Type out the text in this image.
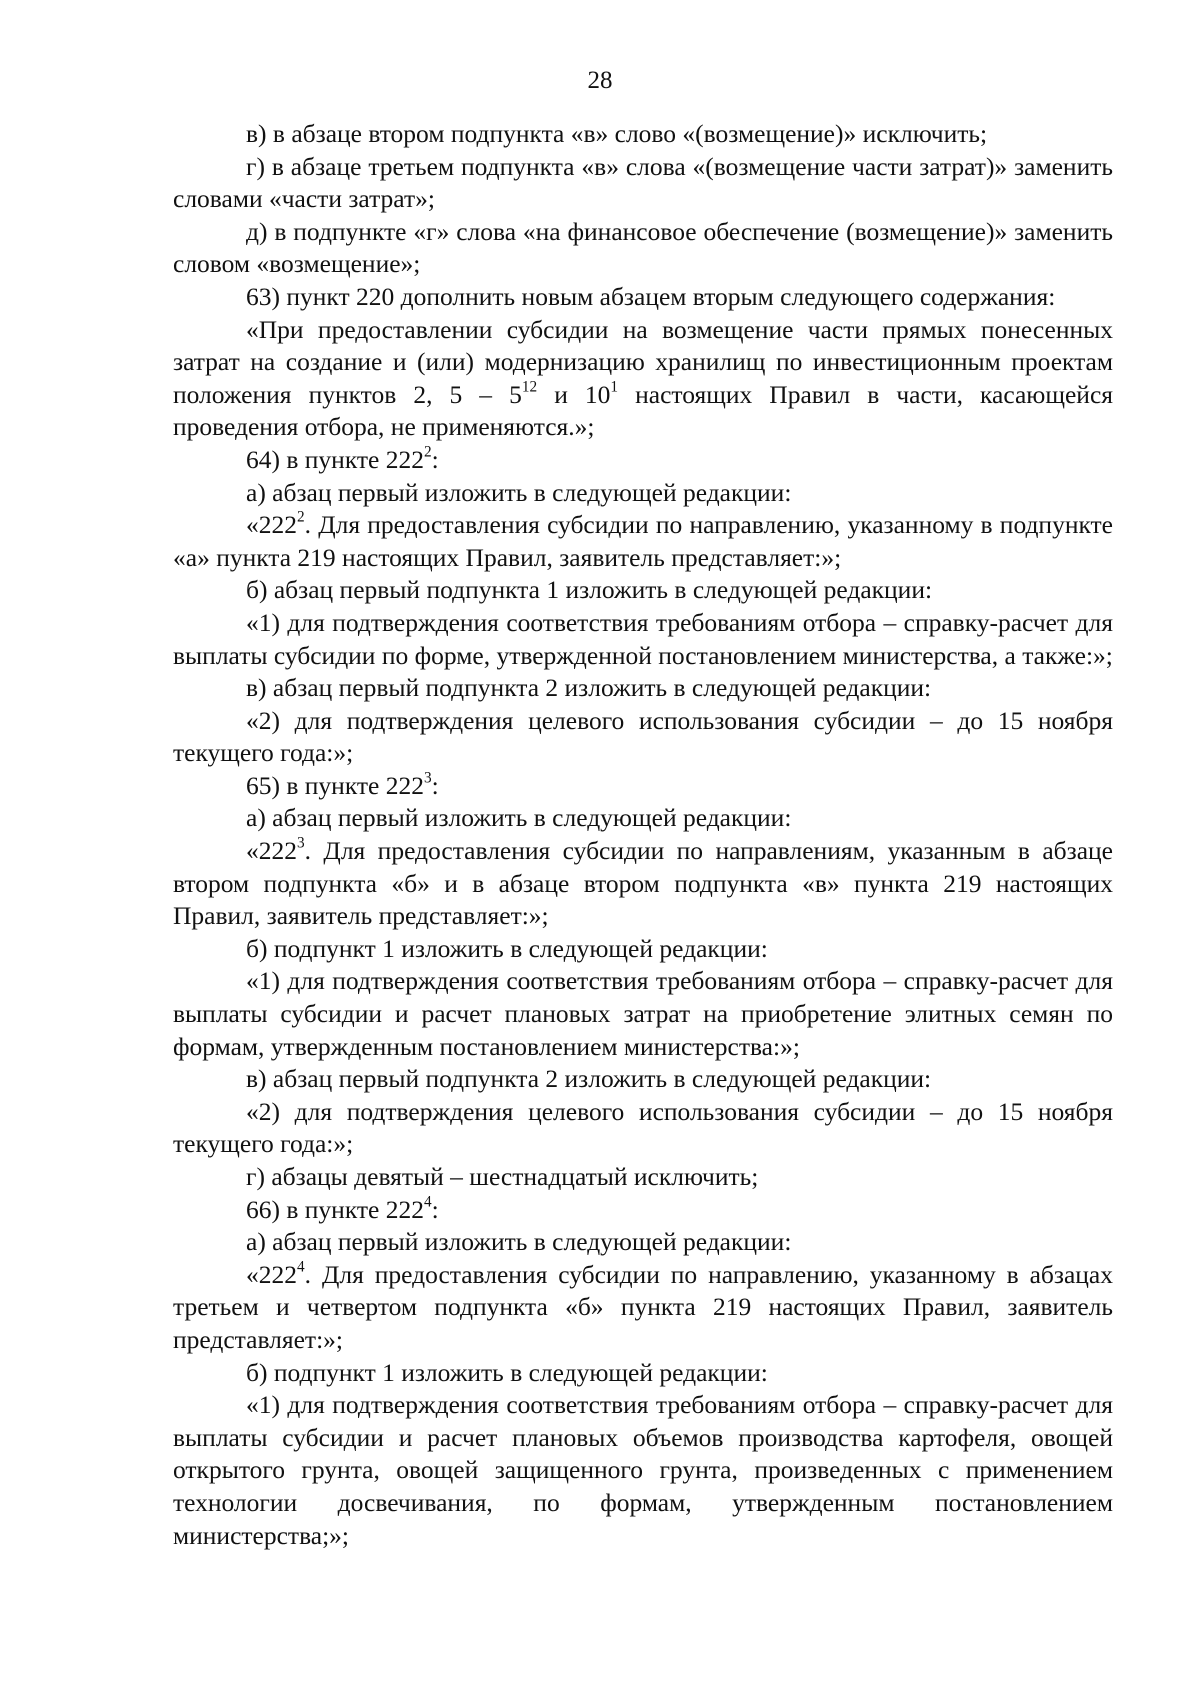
28

в) в абзаце втором подпункта «в» слово «(возмещение)» исключить;

г) в абзаце третьем подпункта «в» слова «(возмещение части затрат)» заменить словами «части затрат»;

д) в подпункте «г» слова «на финансовое обеспечение (возмещение)» заменить словом «возмещение»;

63) пункт 220 дополнить новым абзацем вторым следующего содержания:

«При предоставлении субсидии на возмещение части прямых понесенных затрат на создание и (или) модернизацию хранилищ по инвестиционным проектам положения пунктов 2, $5 - 5^{12}$ и $10^1$ настоящих Правил в части, касающейся проведения отбора, не применяются.»;

64) в пункте $222^2$:

а) абзац первый изложить в следующей редакции:

«$222^2$. Для предоставления субсидии по направлению, указанному в подпункте «а» пункта 219 настоящих Правил, заявитель представляет:»;

б) абзац первый подпункта 1 изложить в следующей редакции:

«1) для подтверждения соответствия требованиям отбора – справку-расчет для выплаты субсидии по форме, утвержденной постановлением министерства, а также:»;

в) абзац первый подпункта 2 изложить в следующей редакции:

«2) для подтверждения целевого использования субсидии – до 15 ноября текущего года:»;

65) в пункте $222^3$:

а) абзац первый изложить в следующей редакции:

«$222^3$. Для предоставления субсидии по направлениям, указанным в абзаце втором подпункта «б» и в абзаце втором подпункта «в» пункта 219 настоящих Правил, заявитель представляет:»;

б) подпункт 1 изложить в следующей редакции:

«1) для подтверждения соответствия требованиям отбора – справку-расчет для выплаты субсидии и расчет плановых затрат на приобретение элитных семян по формам, утвержденным постановлением министерства:»;

в) абзац первый подпункта 2 изложить в следующей редакции:

«2) для подтверждения целевого использования субсидии – до 15 ноября текущего года:»;

г) абзацы девятый – шестнадцатый исключить;

66) в пункте $222^4$:

а) абзац первый изложить в следующей редакции:

«$222^4$. Для предоставления субсидии по направлению, указанному в абзацах третьем и четвертом подпункта «б» пункта 219 настоящих Правил, заявитель представляет:»;

б) подпункт 1 изложить в следующей редакции:

«1) для подтверждения соответствия требованиям отбора – справку-расчет для выплаты субсидии и расчет плановых объемов производства картофеля, овощей открытого грунта, овощей защищенного грунта, произведенных с применением технологии досвечивания, по формам, утвержденным постановлением министерства;»;
